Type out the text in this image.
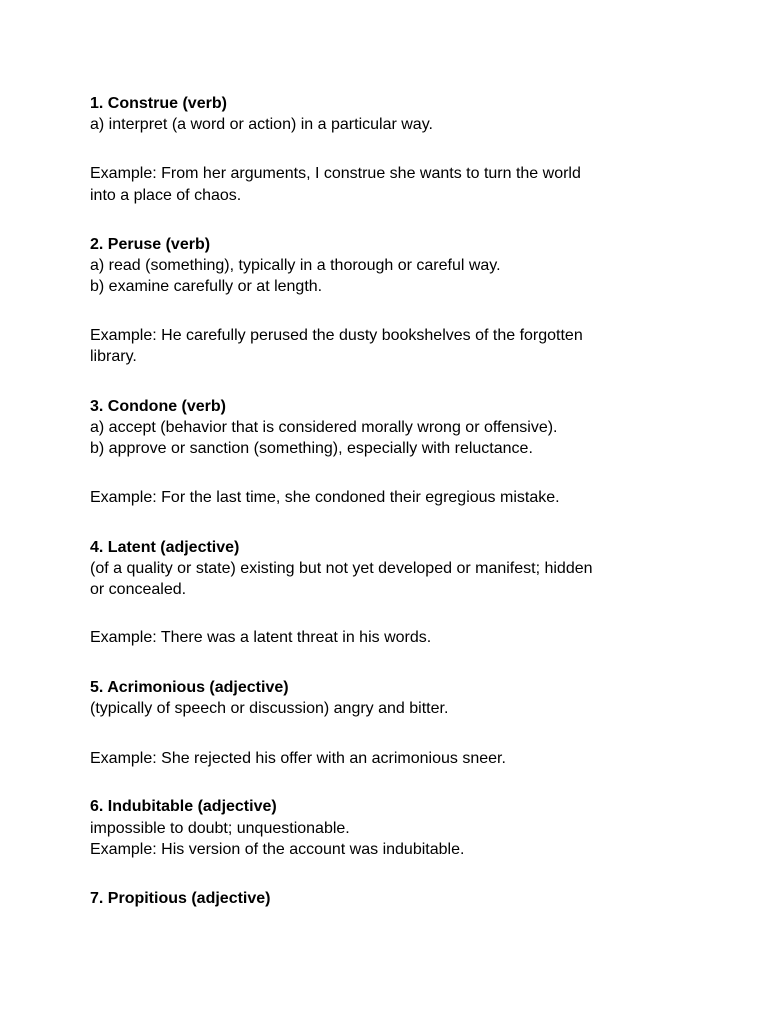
1. Construe (verb)
a) interpret (a word or action) in a particular way.
Example: From her arguments, I construe she wants to turn the world
into a place of chaos.
2. Peruse (verb)
a) read (something), typically in a thorough or careful way.
b) examine carefully or at length.
Example: He carefully perused the dusty bookshelves of the forgotten
library.
3. Condone (verb)
a) accept (behavior that is considered morally wrong or offensive).
b) approve or sanction (something), especially with reluctance.
Example: For the last time, she condoned their egregious mistake.
4. Latent (adjective)
(of a quality or state) existing but not yet developed or manifest; hidden
or concealed.
Example: There was a latent threat in his words.
5. Acrimonious (adjective)
(typically of speech or discussion) angry and bitter.
Example: She rejected his offer with an acrimonious sneer.
6. Indubitable (adjective)
impossible to doubt; unquestionable.
Example: His version of the account was indubitable.
7. Propitious (adjective)
